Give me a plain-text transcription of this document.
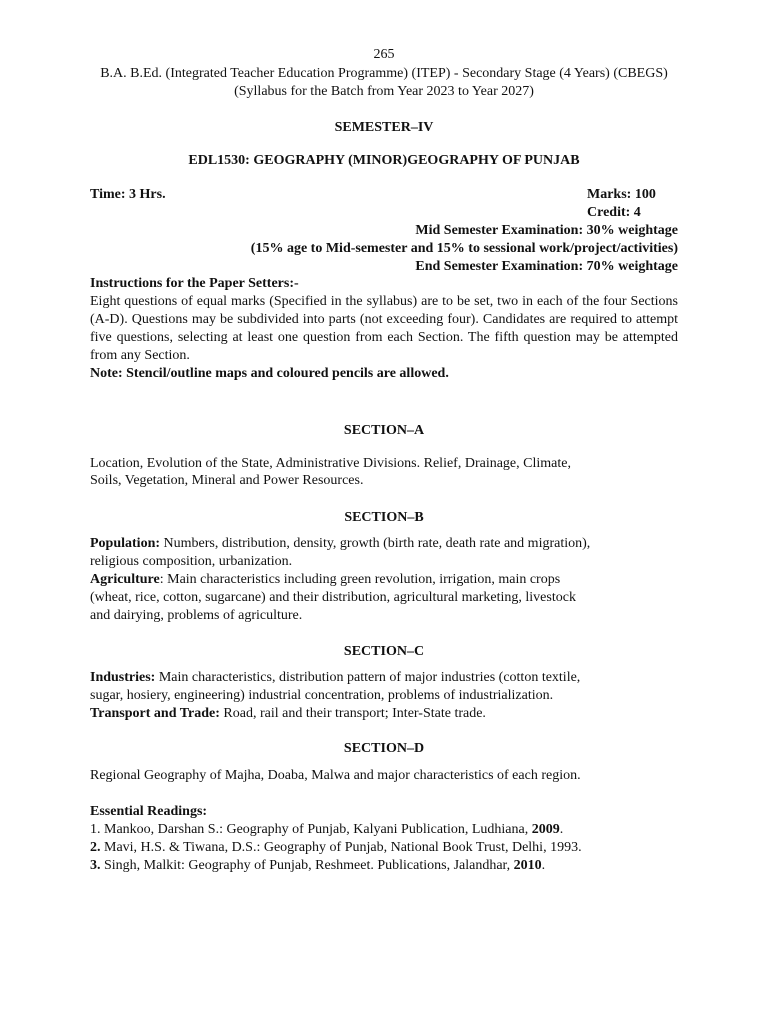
265
B.A. B.Ed. (Integrated Teacher Education Programme) (ITEP) - Secondary Stage (4 Years) (CBEGS)
(Syllabus for the Batch from Year 2023 to Year 2027)
SEMESTER–IV
EDL1530: GEOGRAPHY (MINOR)GEOGRAPHY OF PUNJAB
Time: 3 Hrs.	Marks: 100
Credit: 4
Mid Semester Examination: 30% weightage
(15% age to Mid-semester and 15% to sessional work/project/activities)
End Semester Examination: 70% weightage
Instructions for the Paper Setters:-
Eight questions of equal marks (Specified in the syllabus) are to be set, two in each of the four Sections (A-D). Questions may be subdivided into parts (not exceeding four). Candidates are required to attempt five questions, selecting at least one question from each Section. The fifth question may be attempted from any Section.
Note: Stencil/outline maps and coloured pencils are allowed.
SECTION–A
Location, Evolution of the State, Administrative Divisions. Relief, Drainage, Climate,
Soils, Vegetation, Mineral and Power Resources.
SECTION–B
Population: Numbers, distribution, density, growth (birth rate, death rate and migration),
religious composition, urbanization.
Agriculture: Main characteristics including green revolution, irrigation, main crops
(wheat, rice, cotton, sugarcane) and their distribution, agricultural marketing, livestock
and dairying, problems of agriculture.
SECTION–C
Industries: Main characteristics, distribution pattern of major industries (cotton textile,
sugar, hosiery, engineering) industrial concentration, problems of industrialization.
Transport and Trade: Road, rail and their transport; Inter-State trade.
SECTION–D
Regional Geography of Majha, Doaba, Malwa and major characteristics of each region.
Essential Readings:
1. Mankoo, Darshan S.: Geography of Punjab, Kalyani Publication, Ludhiana, 2009.
2. Mavi, H.S. & Tiwana, D.S.: Geography of Punjab, National Book Trust, Delhi, 1993.
3. Singh, Malkit: Geography of Punjab, Reshmeet. Publications, Jalandhar, 2010.
